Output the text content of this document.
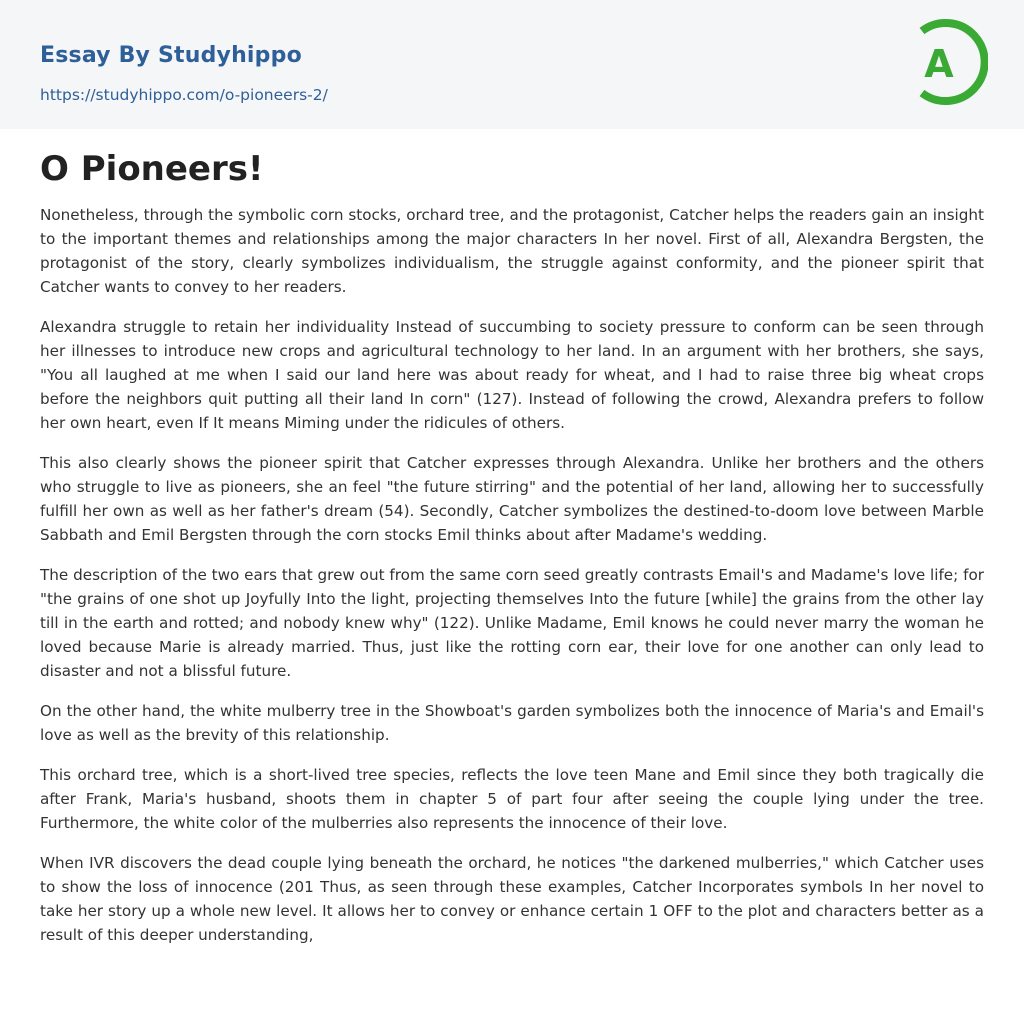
Essay By Studyhippo
https://studyhippo.com/o-pioneers-2/
A
O Pioneers!

Nonetheless, through the symbolic corn stocks, orchard tree, and the protagonist, Catcher helps the readers gain an insight to the important themes and relationships among the major characters In her novel. First of all, Alexandra Bergsten, the protagonist of the story, clearly symbolizes individualism, the struggle against conformity, and the pioneer spirit that Catcher wants to convey to her readers.

Alexandra struggle to retain her individuality Instead of succumbing to society pressure to conform can be seen through her illnesses to introduce new crops and agricultural technology to her land. In an argument with her brothers, she says, "You all laughed at me when I said our land here was about ready for wheat, and I had to raise three big wheat crops before the neighbors quit putting all their land In corn" (127). Instead of following the crowd, Alexandra prefers to follow her own heart, even If It means Miming under the ridicules of others.

This also clearly shows the pioneer spirit that Catcher expresses through Alexandra. Unlike her brothers and the others who struggle to live as pioneers, she an feel "the future stirring" and the potential of her land, allowing her to successfully fulfill her own as well as her father's dream (54). Secondly, Catcher symbolizes the destined-to-doom love between Marble Sabbath and Emil Bergsten through the corn stocks Emil thinks about after Madame's wedding.

The description of the two ears that grew out from the same corn seed greatly contrasts Email's and Madame's love life; for "the grains of one shot up Joyfully Into the light, projecting themselves Into the future [while] the grains from the other lay till in the earth and rotted; and nobody knew why" (122). Unlike Madame, Emil knows he could never marry the woman he loved because Marie is already married. Thus, just like the rotting corn ear, their love for one another can only lead to disaster and not a blissful future.

On the other hand, the white mulberry tree in the Showboat's garden symbolizes both the innocence of Maria's and Email's love as well as the brevity of this relationship.

This orchard tree, which is a short-lived tree species, reflects the love teen Mane and Emil since they both tragically die after Frank, Maria's husband, shoots them in chapter 5 of part four after seeing the couple lying under the tree. Furthermore, the white color of the mulberries also represents the innocence of their love.

When IVR discovers the dead couple lying beneath the orchard, he notices "the darkened mulberries," which Catcher uses to show the loss of innocence (201 Thus, as seen through these examples, Catcher Incorporates symbols In her novel to take her story up a whole new level. It allows her to convey or enhance certain 1 OFF to the plot and characters better as a result of this deeper understanding,
